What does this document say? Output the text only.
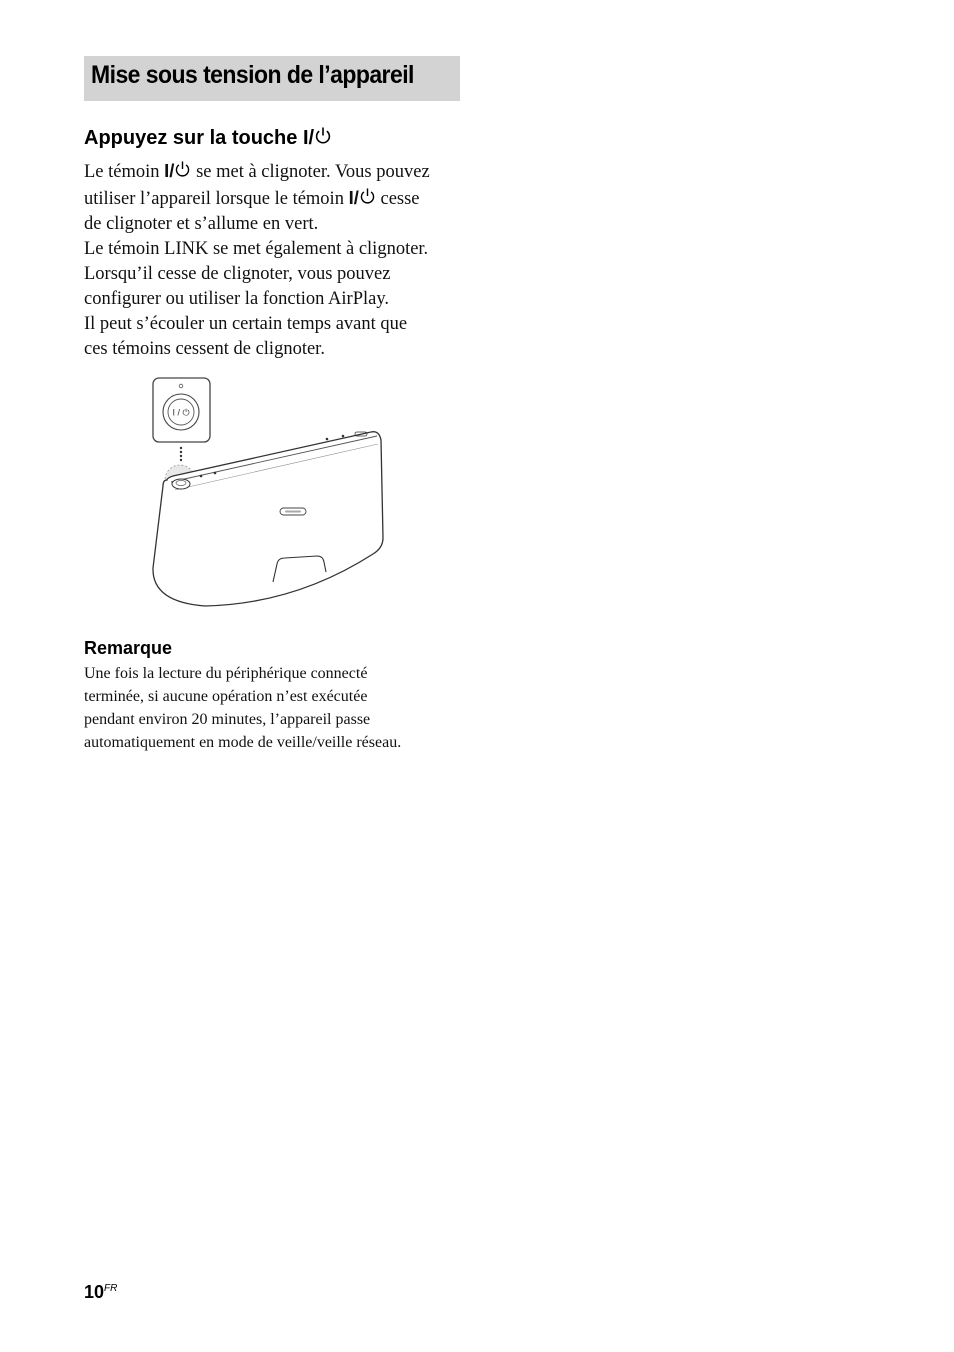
Mise sous tension de l’appareil
Appuyez sur la touche I/
Le témoin I/ se met à clignoter. Vous pouvez
utiliser l’appareil lorsque le témoin I/ cesse
de clignoter et s’allume en vert.
Le témoin LINK se met également à clignoter.
Lorsqu’il cesse de clignoter, vous pouvez
configurer ou utiliser la fonction AirPlay.
Il peut s’écouler un certain temps avant que
ces témoins cessent de clignoter.
I / ⏻
Remarque
Une fois la lecture du périphérique connecté
terminée, si aucune opération n’est exécutée
pendant environ 20 minutes, l’appareil passe
automatiquement en mode de veille/veille réseau.
$10^{FR}$
